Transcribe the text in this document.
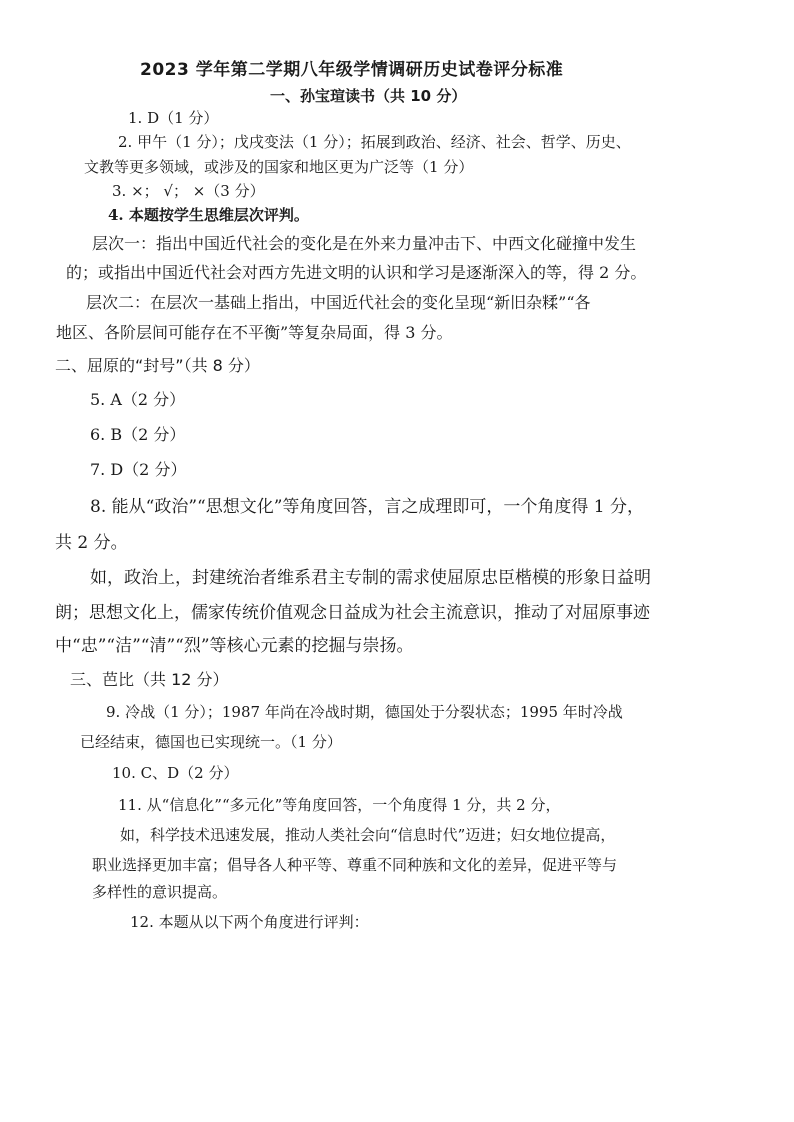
2023 学年第二学期八年级学情调研历史试卷评分标准
一、孙宝瑄读书（共 10 分）
1. D（1 分）
2. 甲午（1 分）；戊戌变法（1 分）；拓展到政治、经济、社会、哲学、历史、
文教等更多领域，或涉及的国家和地区更为广泛等（1 分）
3. ×； √； ×（3 分）
4. 本题按学生思维层次评判。
层次一：指出中国近代社会的变化是在外来力量冲击下、中西文化碰撞中发生
的；或指出中国近代社会对西方先进文明的认识和学习是逐渐深入的等，得 2 分。
层次二：在层次一基础上指出，中国近代社会的变化呈现“新旧杂糅”“各
地区、各阶层间可能存在不平衡”等复杂局面，得 3 分。
二、屈原的“封号”（共 8 分）
5. A（2 分）
6. B（2 分）
7. D（2 分）
8. 能从“政治”“思想文化”等角度回答，言之成理即可，一个角度得 1 分，
共 2 分。
如，政治上，封建统治者维系君主专制的需求使屈原忠臣楷模的形象日益明
朗；思想文化上，儒家传统价值观念日益成为社会主流意识，推动了对屈原事迹
中“忠”“洁”“清”“烈”等核心元素的挖掘与崇扬。
三、芭比（共 12 分）
9. 冷战（1 分）；1987 年尚在冷战时期，德国处于分裂状态；1995 年时冷战
已经结束，德国也已实现统一。（1 分）
10. C、D（2 分）
11. 从“信息化”“多元化”等角度回答，一个角度得 1 分，共 2 分，
如，科学技术迅速发展，推动人类社会向“信息时代”迈进；妇女地位提高，
职业选择更加丰富；倡导各人种平等、尊重不同种族和文化的差异，促进平等与
多样性的意识提高。
12. 本题从以下两个角度进行评判：
